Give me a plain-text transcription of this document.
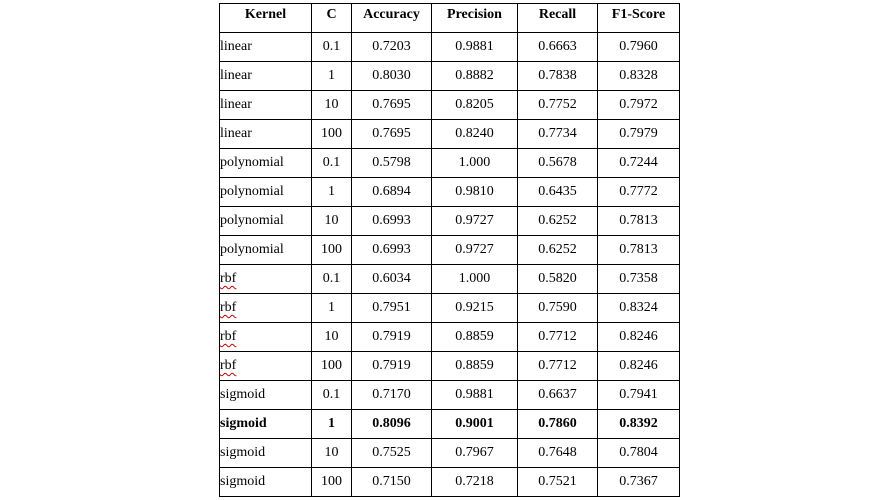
Kernel	C	Accuracy	Precision	Recall	F1-Score
linear	0.1	0.7203	0.9881	0.6663	0.7960
linear	1	0.8030	0.8882	0.7838	0.8328
linear	10	0.7695	0.8205	0.7752	0.7972
linear	100	0.7695	0.8240	0.7734	0.7979
polynomial	0.1	0.5798	1.000	0.5678	0.7244
polynomial	1	0.6894	0.9810	0.6435	0.7772
polynomial	10	0.6993	0.9727	0.6252	0.7813
polynomial	100	0.6993	0.9727	0.6252	0.7813
rbf	0.1	0.6034	1.000	0.5820	0.7358
rbf	1	0.7951	0.9215	0.7590	0.8324
rbf	10	0.7919	0.8859	0.7712	0.8246
rbf	100	0.7919	0.8859	0.7712	0.8246
sigmoid	0.1	0.7170	0.9881	0.6637	0.7941
sigmoid	1	0.8096	0.9001	0.7860	0.8392
sigmoid	10	0.7525	0.7967	0.7648	0.7804
sigmoid	100	0.7150	0.7218	0.7521	0.7367
